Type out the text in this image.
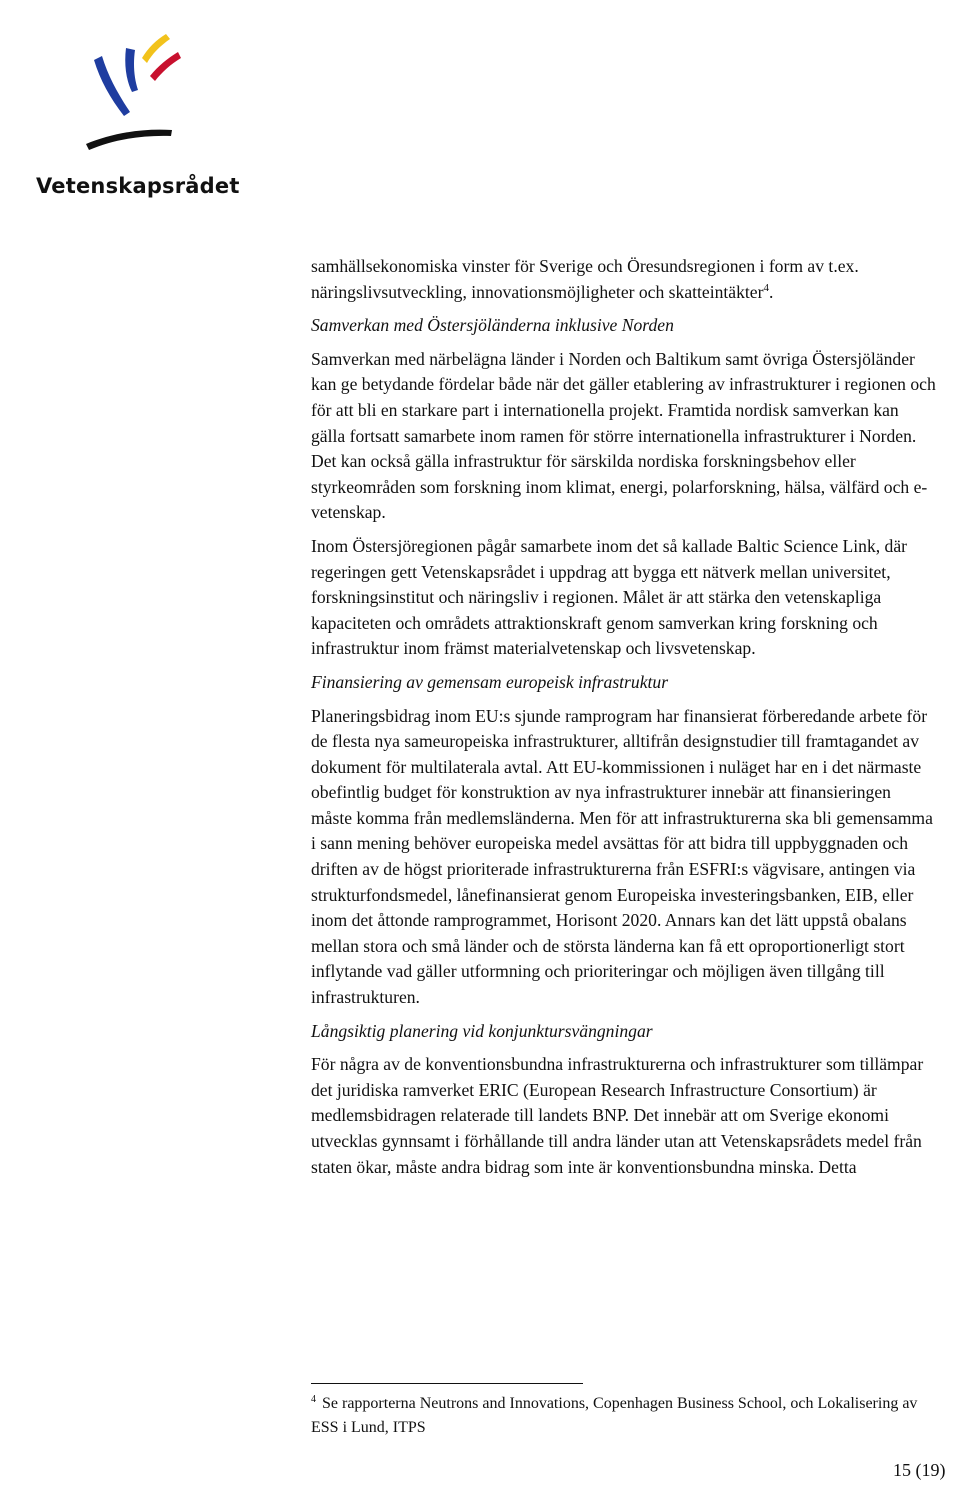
Vetenskapsrådet

samhällsekonomiska vinster för Sverige och Öresundsregionen i form av t.ex. näringslivsutveckling, innovationsmöjligheter och skatteintäkter$^4$.

Samverkan med Östersjöländerna inklusive Norden

Samverkan med närbelägna länder i Norden och Baltikum samt övriga Östersjöländer kan ge betydande fördelar både när det gäller etablering av infrastrukturer i regionen och för att bli en starkare part i internationella projekt. Framtida nordisk samverkan kan gälla fortsatt samarbete inom ramen för större internationella infrastrukturer i Norden. Det kan också gälla infrastruktur för särskilda nordiska forskningsbehov eller styrkeområden som forskning inom klimat, energi, polarforskning, hälsa, välfärd och e-vetenskap.

Inom Östersjöregionen pågår samarbete inom det så kallade Baltic Science Link, där regeringen gett Vetenskapsrådet i uppdrag att bygga ett nätverk mellan universitet, forskningsinstitut och näringsliv i regionen. Målet är att stärka den vetenskapliga kapaciteten och områdets attraktionskraft genom samverkan kring forskning och infrastruktur inom främst materialvetenskap och livsvetenskap.

Finansiering av gemensam europeisk infrastruktur

Planeringsbidrag inom EU:s sjunde ramprogram har finansierat förberedande arbete för de flesta nya sameuropeiska infrastrukturer, alltifrån designstudier till framtagandet av dokument för multilaterala avtal. Att EU-kommissionen i nuläget har en i det närmaste obefintlig budget för konstruktion av nya infrastrukturer innebär att finansieringen måste komma från medlemsländerna. Men för att infrastrukturerna ska bli gemensamma i sann mening behöver europeiska medel avsättas för att bidra till uppbyggnaden och driften av de högst prioriterade infrastrukturerna från ESFRI:s vägvisare, antingen via strukturfondsmedel, lånefinansierat genom Europeiska investeringsbanken, EIB, eller inom det åttonde ramprogrammet, Horisont 2020. Annars kan det lätt uppstå obalans mellan stora och små länder och de största länderna kan få ett oproportionerligt stort inflytande vad gäller utformning och prioriteringar och möjligen även tillgång till infrastrukturen.

Långsiktig planering vid konjunktursvängningar

För några av de konventionsbundna infrastrukturerna och infrastrukturer som tillämpar det juridiska ramverket ERIC (European Research Infrastructure Consortium) är medlemsbidragen relaterade till landets BNP. Det innebär att om Sverige ekonomi utvecklas gynnsamt i förhållande till andra länder utan att Vetenskapsrådets medel från staten ökar, måste andra bidrag som inte är konventionsbundna minska. Detta

$^4$ Se rapporterna Neutrons and Innovations, Copenhagen Business School, och Lokalisering av ESS i Lund, ITPS
15 (19)
